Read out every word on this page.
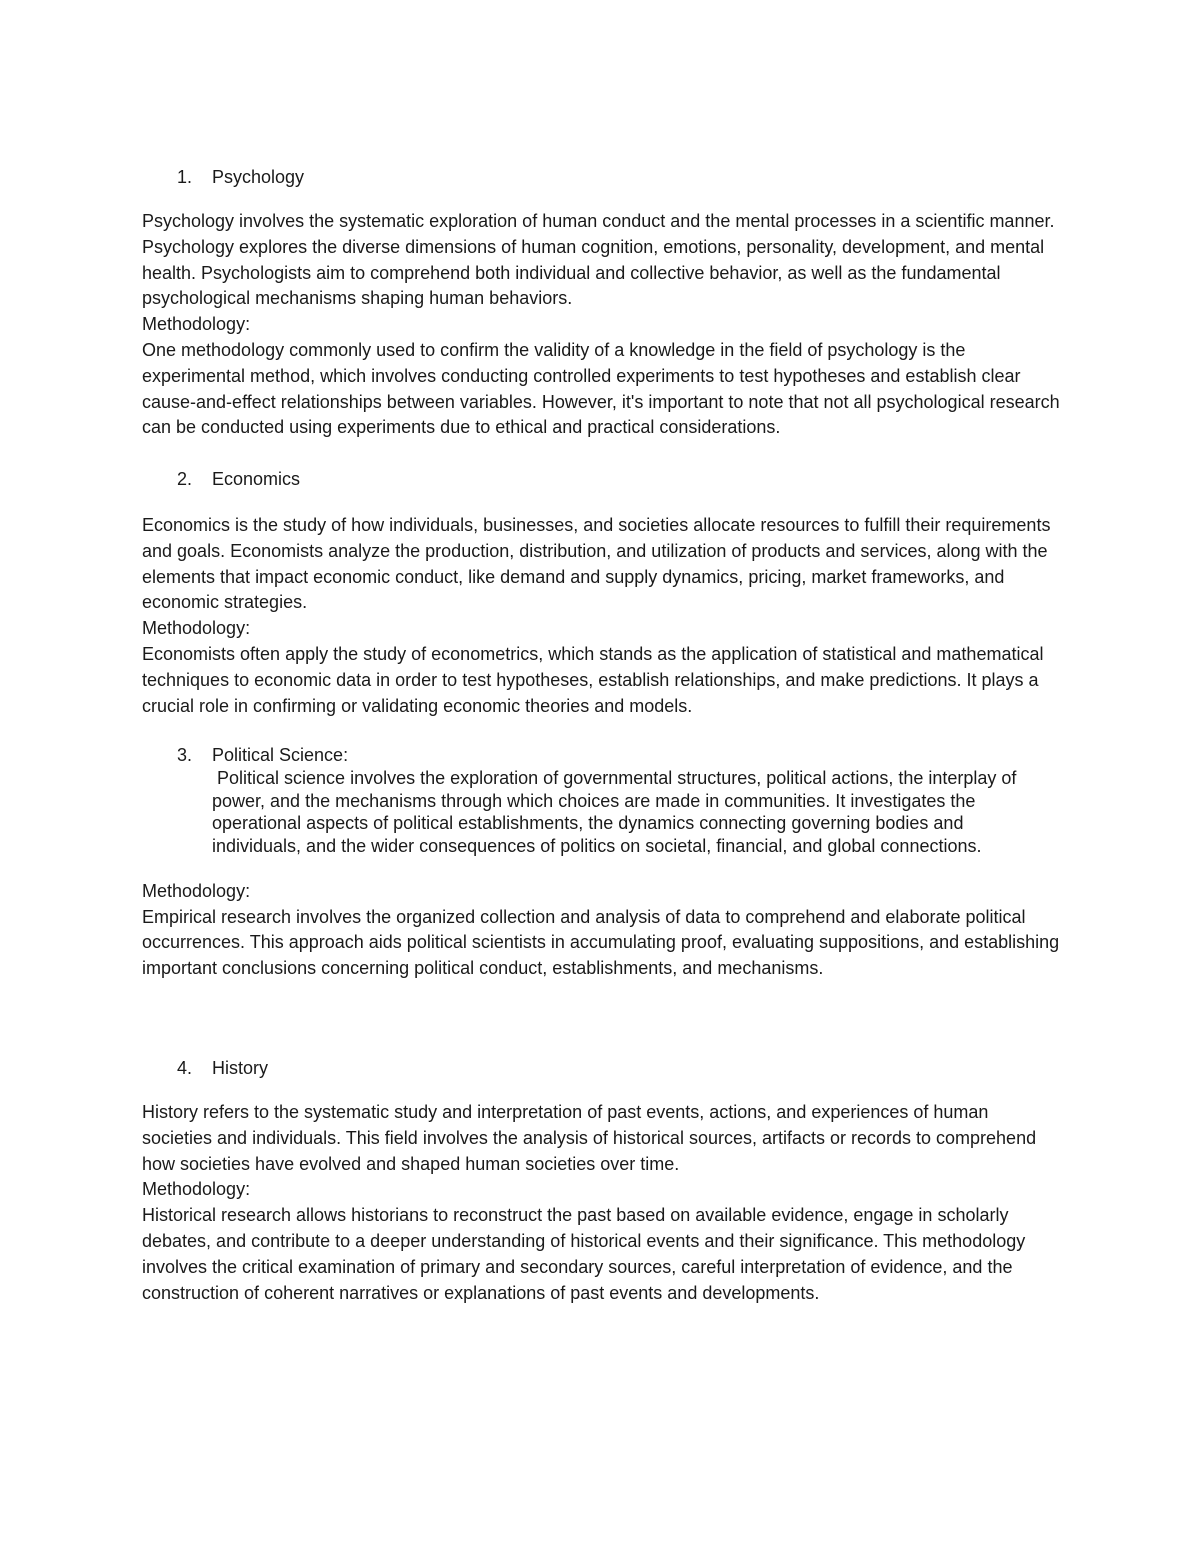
1. Psychology

Psychology involves the systematic exploration of human conduct and the mental processes in a scientific manner. Psychology explores the diverse dimensions of human cognition, emotions, personality, development, and mental health. Psychologists aim to comprehend both individual and collective behavior, as well as the fundamental psychological mechanisms shaping human behaviors.

Methodology:

One methodology commonly used to confirm the validity of a knowledge in the field of psychology is the experimental method, which involves conducting controlled experiments to test hypotheses and establish clear cause-and-effect relationships between variables. However, it's important to note that not all psychological research can be conducted using experiments due to ethical and practical considerations.

2. Economics

Economics is the study of how individuals, businesses, and societies allocate resources to fulfill their requirements and goals. Economists analyze the production, distribution, and utilization of products and services, along with the elements that impact economic conduct, like demand and supply dynamics, pricing, market frameworks, and economic strategies.

Methodology:

Economists often apply the study of econometrics, which stands as the application of statistical and mathematical techniques to economic data in order to test hypotheses, establish relationships, and make predictions. It plays a crucial role in confirming or validating economic theories and models.

3. Political Science:

Political science involves the exploration of governmental structures, political actions, the interplay of power, and the mechanisms through which choices are made in communities. It investigates the operational aspects of political establishments, the dynamics connecting governing bodies and individuals, and the wider consequences of politics on societal, financial, and global connections.

Methodology:

Empirical research involves the organized collection and analysis of data to comprehend and elaborate political occurrences. This approach aids political scientists in accumulating proof, evaluating suppositions, and establishing important conclusions concerning political conduct, establishments, and mechanisms.

4. History

History refers to the systematic study and interpretation of past events, actions, and experiences of human societies and individuals. This field involves the analysis of historical sources, artifacts or records to comprehend how societies have evolved and shaped human societies over time.

Methodology:

Historical research allows historians to reconstruct the past based on available evidence, engage in scholarly debates, and contribute to a deeper understanding of historical events and their significance. This methodology involves the critical examination of primary and secondary sources, careful interpretation of evidence, and the construction of coherent narratives or explanations of past events and developments.
